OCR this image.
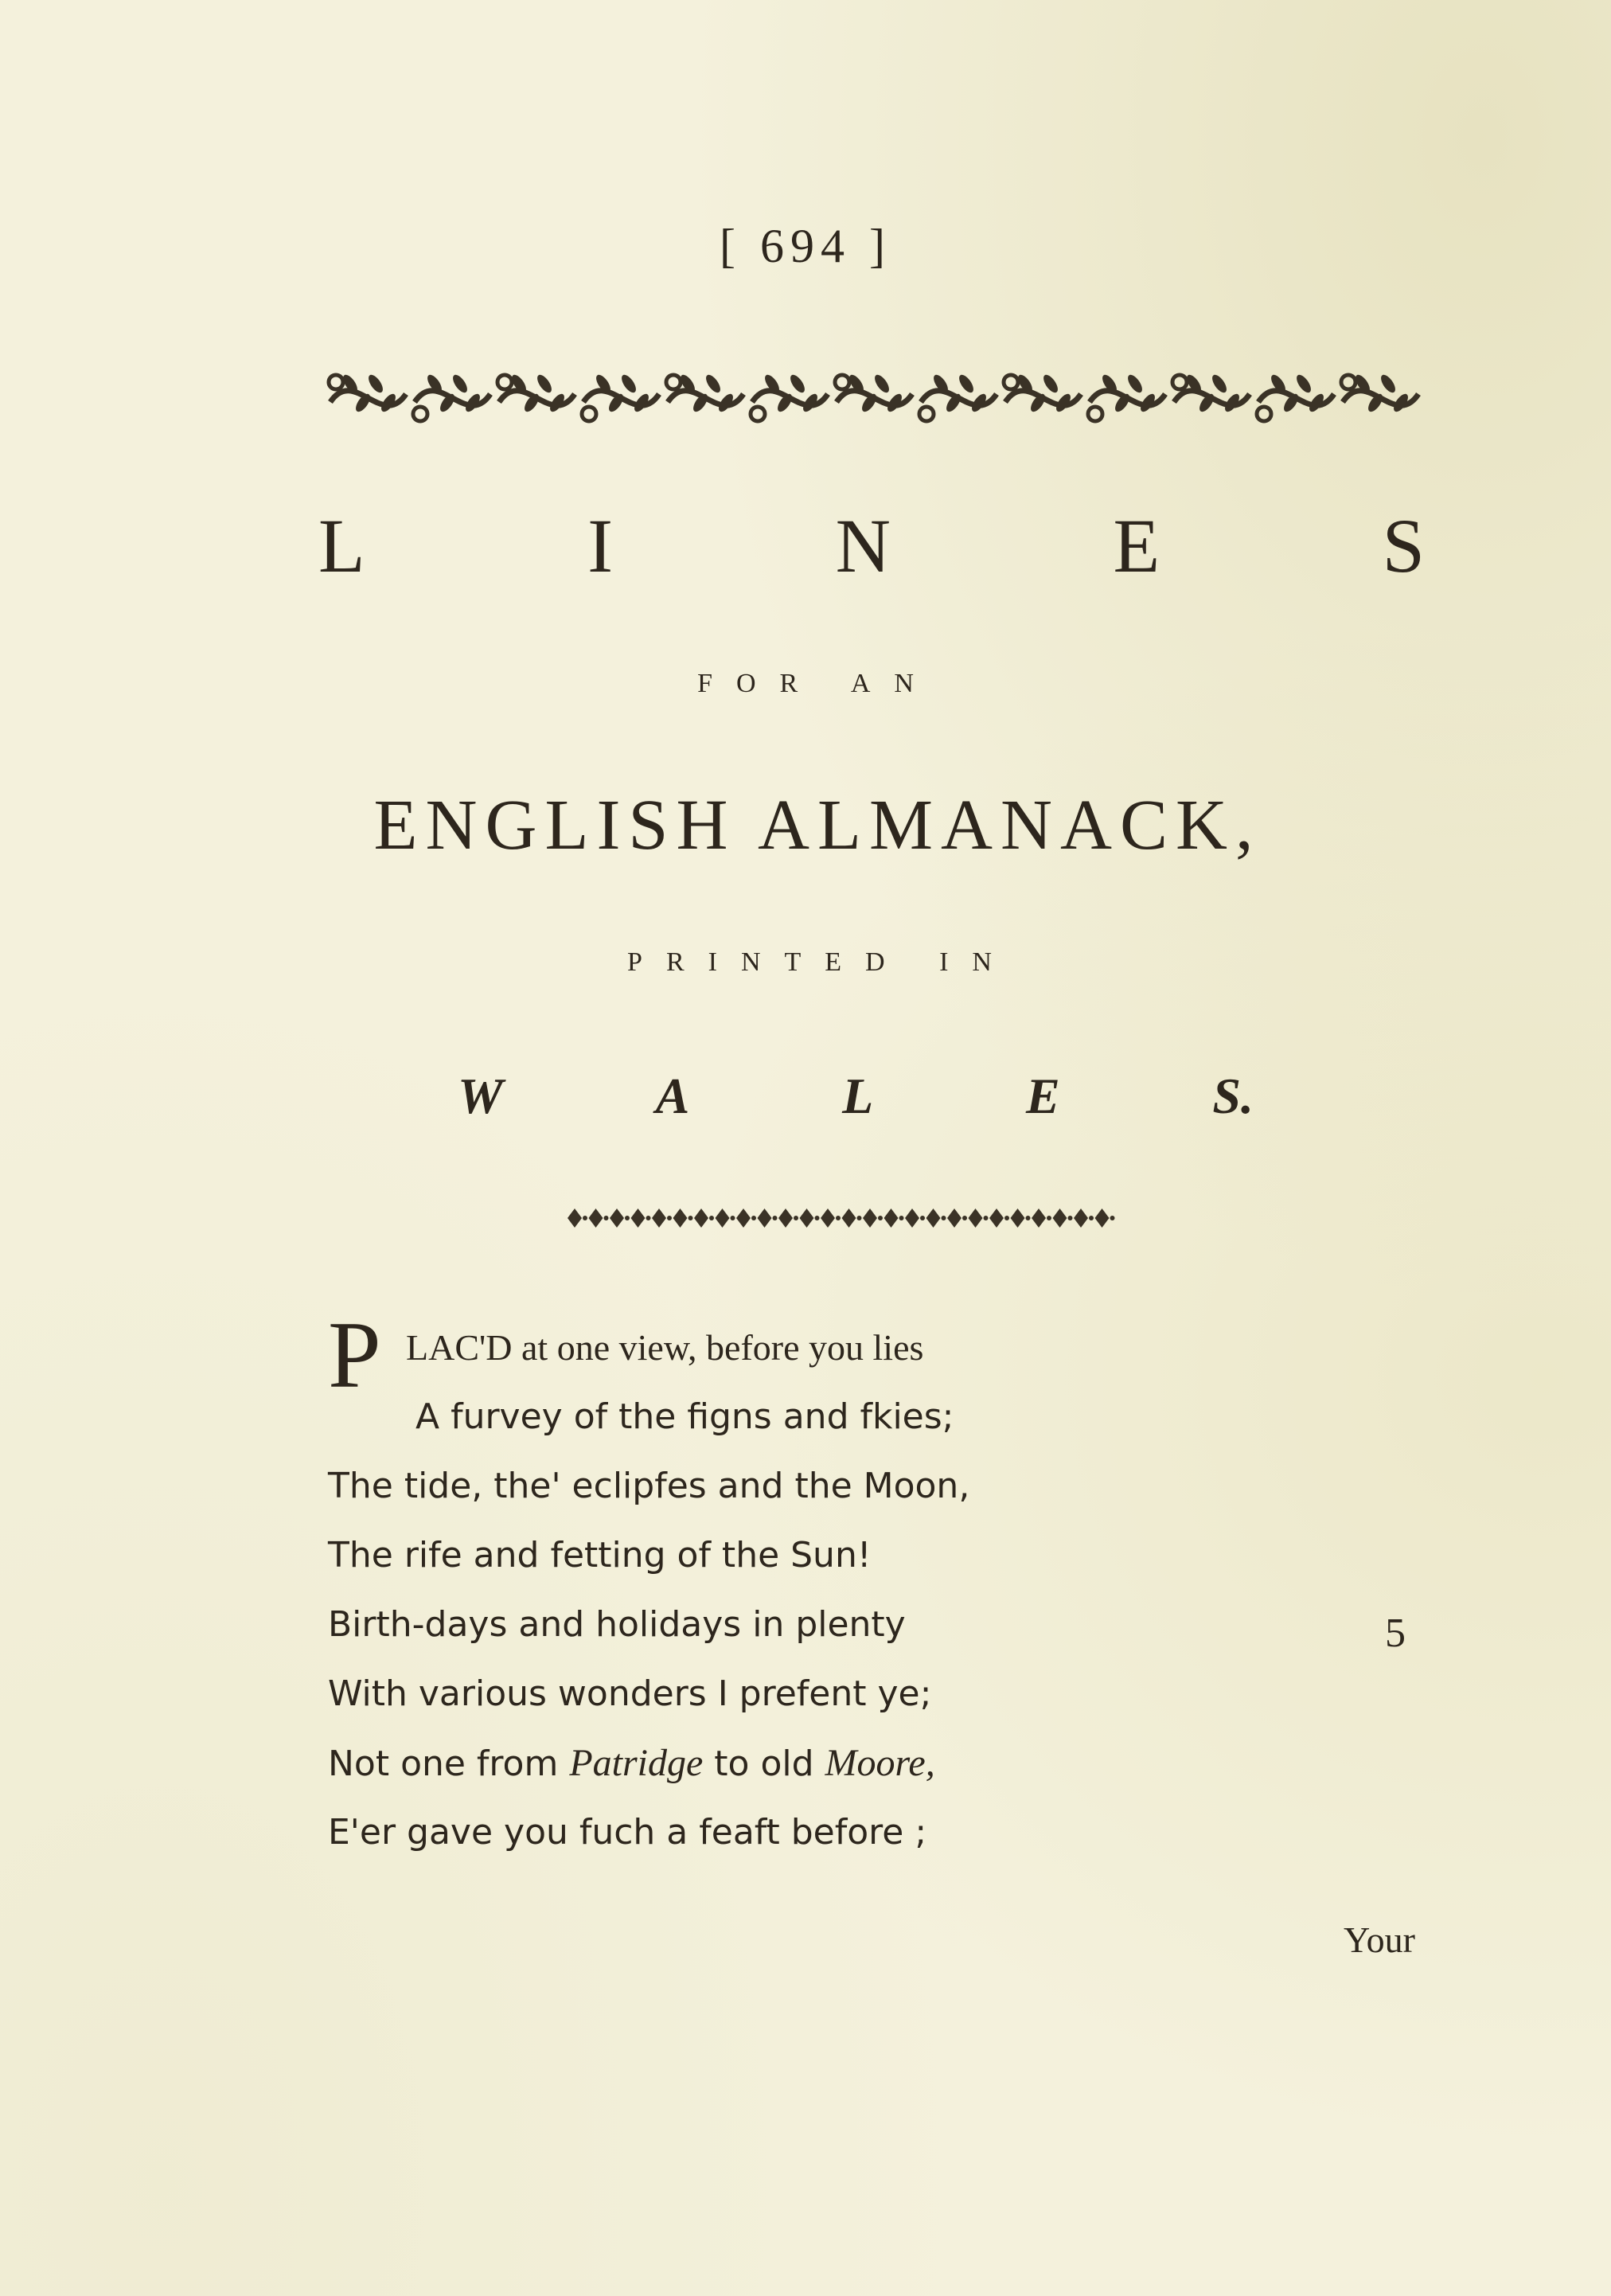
[ 694 ]
L	I	N	E	S
FOR AN
ENGLISH ALMANACK,
PRINTED IN
W	A	L	E	S.
P LAC'D at one view, before you lies
A furvey of the figns and fkies;
The tide, the' eclipfes and the Moon,
The rife and fetting of the Sun!
Birth-days and holidays in plenty
With various wonders I prefent ye;
Not one from Patridge to old Moore,
E'er gave you fuch a feaft before ;
5
Your
